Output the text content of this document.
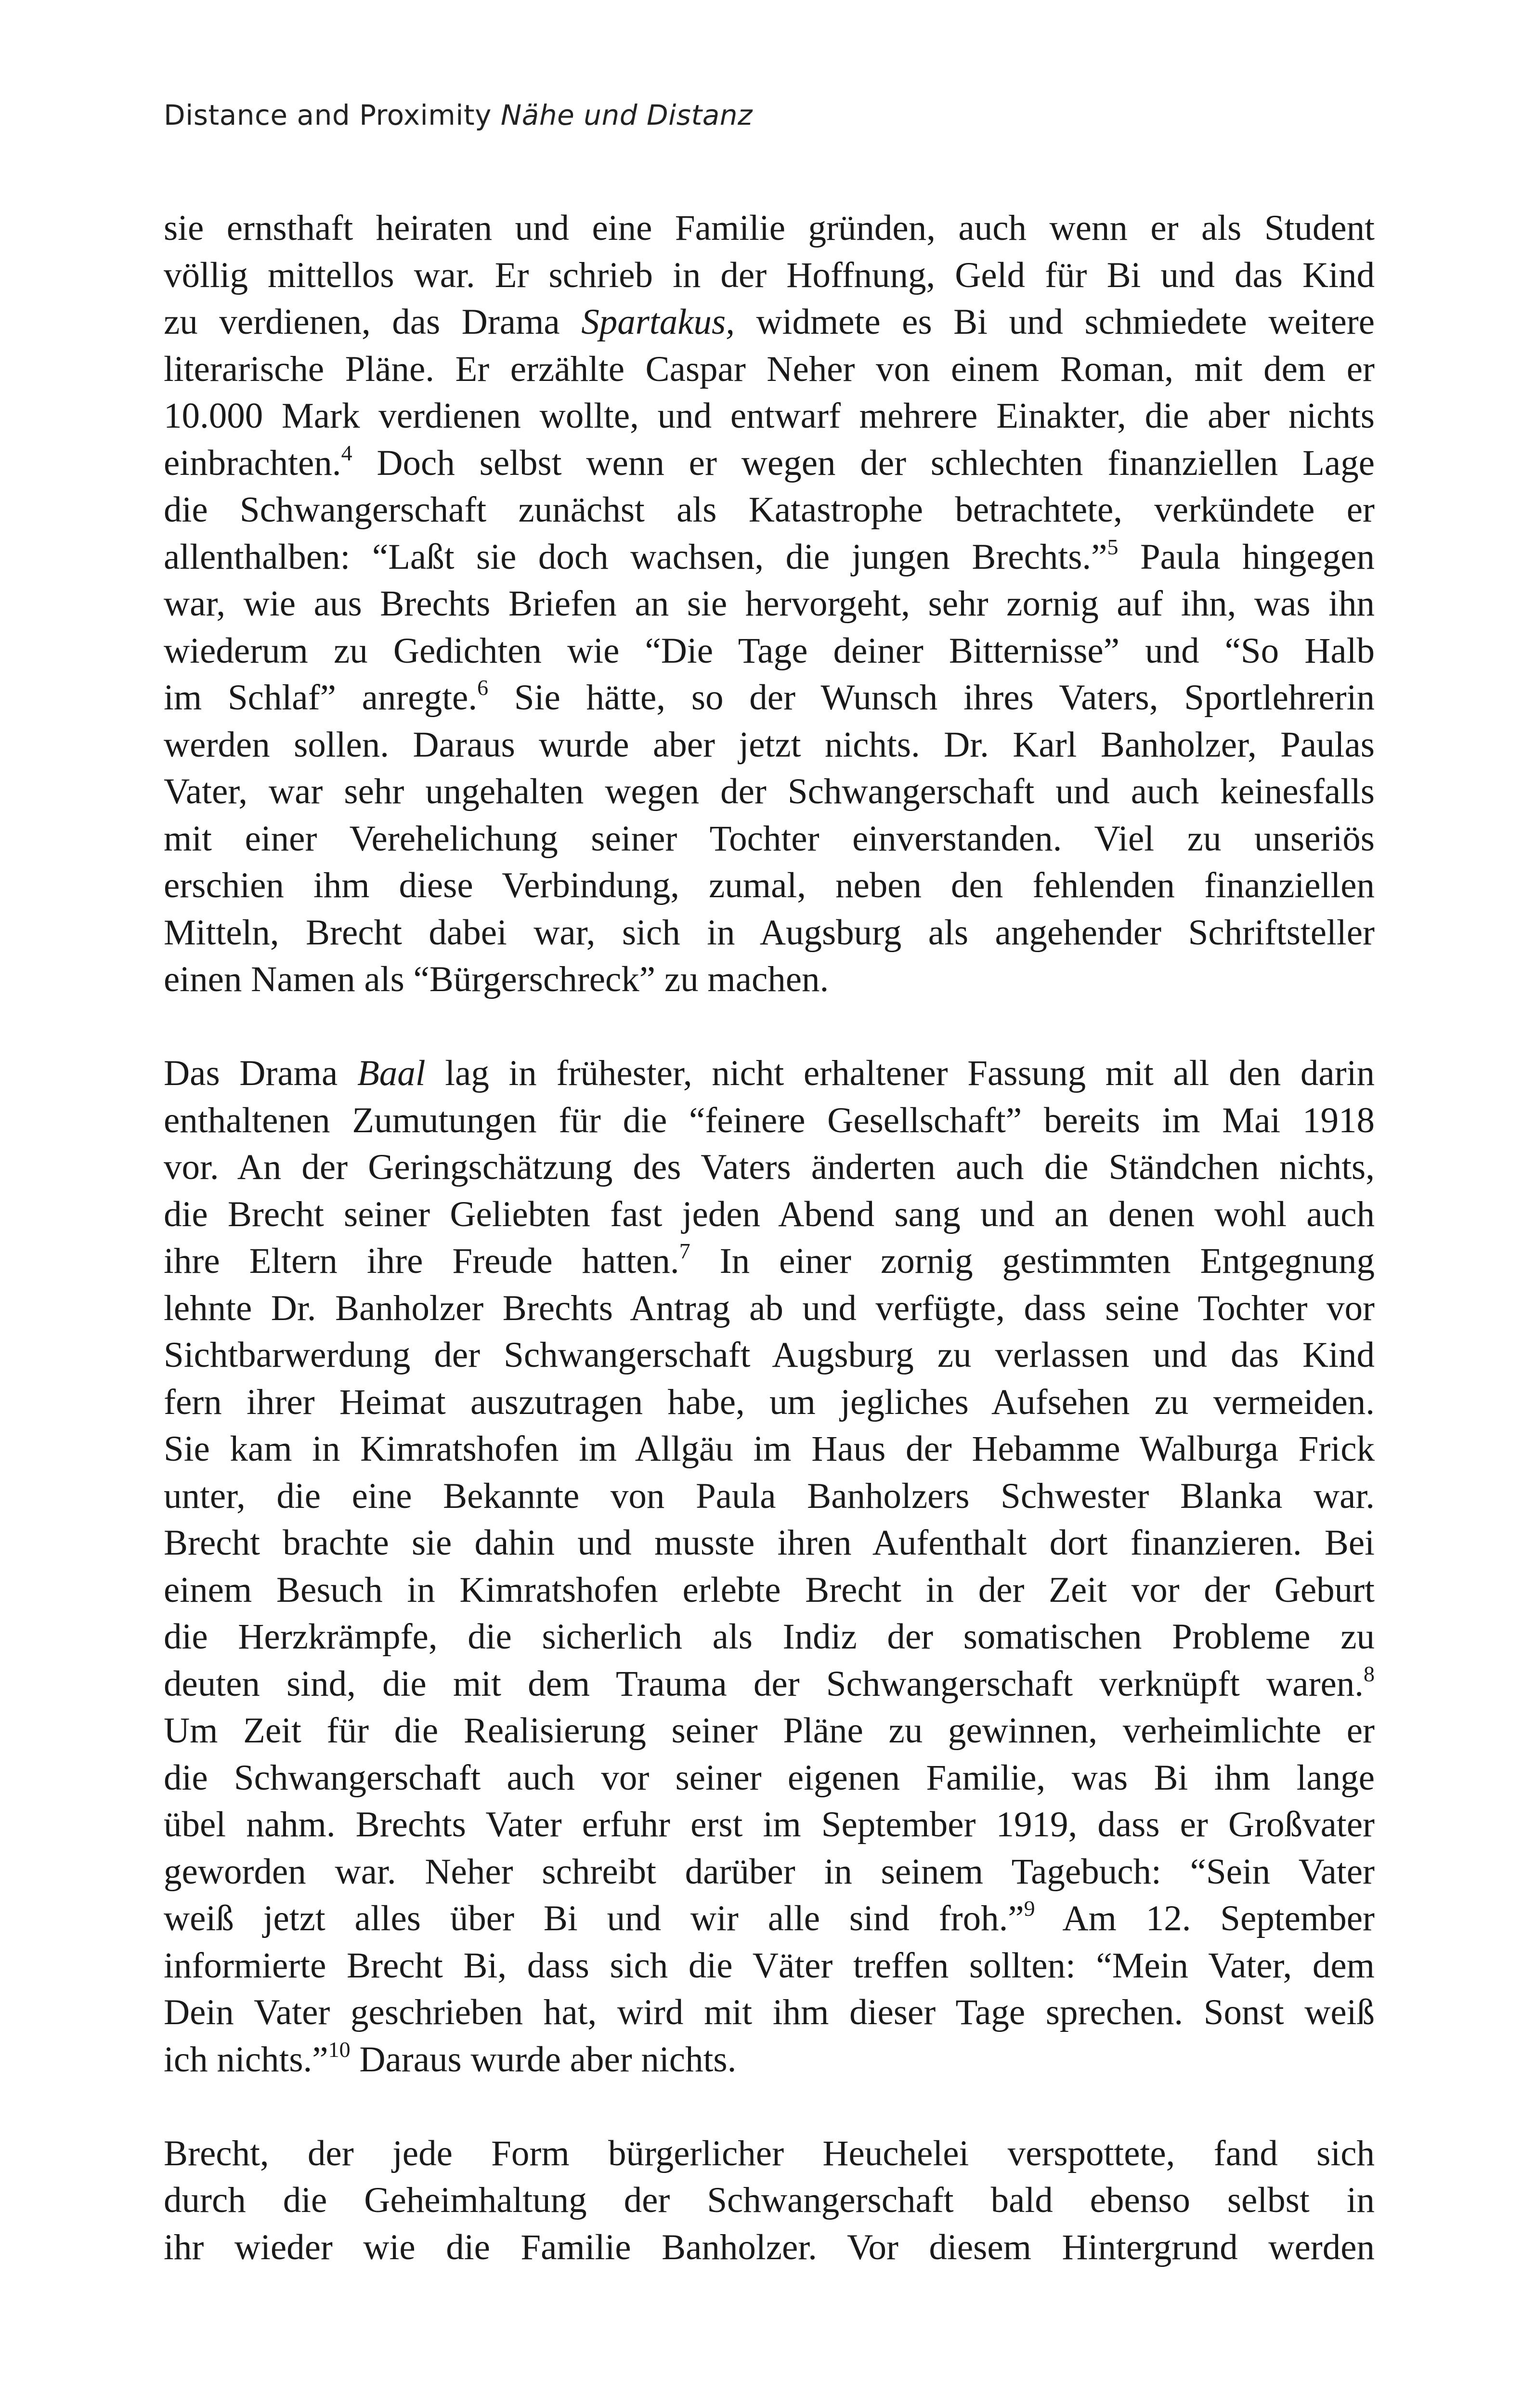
Distance and Proximity Nähe und Distanz
sie ernsthaft heiraten und eine Familie gründen, auch wenn er als Student
völlig mittellos war. Er schrieb in der Hoffnung, Geld für Bi und das Kind
zu verdienen, das Drama Spartakus, widmete es Bi und schmiedete weitere
literarische Pläne. Er erzählte Caspar Neher von einem Roman, mit dem er
10.000 Mark verdienen wollte, und entwarf mehrere Einakter, die aber nichts
einbrachten.$^4$ Doch selbst wenn er wegen der schlechten finanziellen Lage
die Schwangerschaft zunächst als Katastrophe betrachtete, verkündete er
allenthalben: “Laßt sie doch wachsen, die jungen Brechts.”$^5$ Paula hingegen
war, wie aus Brechts Briefen an sie hervorgeht, sehr zornig auf ihn, was ihn
wiederum zu Gedichten wie “Die Tage deiner Bitternisse” und “So Halb
im Schlaf” anregte.$^6$ Sie hätte, so der Wunsch ihres Vaters, Sportlehrerin
werden sollen. Daraus wurde aber jetzt nichts. Dr. Karl Banholzer, Paulas
Vater, war sehr ungehalten wegen der Schwangerschaft und auch keinesfalls
mit einer Verehelichung seiner Tochter einverstanden. Viel zu unseriös
erschien ihm diese Verbindung, zumal, neben den fehlenden finanziellen
Mitteln, Brecht dabei war, sich in Augsburg als angehender Schriftsteller
einen Namen als “Bürgerschreck” zu machen.
Das Drama Baal lag in frühester, nicht erhaltener Fassung mit all den darin
enthaltenen Zumutungen für die “feinere Gesellschaft” bereits im Mai 1918
vor. An der Geringschätzung des Vaters änderten auch die Ständchen nichts,
die Brecht seiner Geliebten fast jeden Abend sang und an denen wohl auch
ihre Eltern ihre Freude hatten.$^7$ In einer zornig gestimmten Entgegnung
lehnte Dr. Banholzer Brechts Antrag ab und verfügte, dass seine Tochter vor
Sichtbarwerdung der Schwangerschaft Augsburg zu verlassen und das Kind
fern ihrer Heimat auszutragen habe, um jegliches Aufsehen zu vermeiden.
Sie kam in Kimratshofen im Allgäu im Haus der Hebamme Walburga Frick
unter, die eine Bekannte von Paula Banholzers Schwester Blanka war.
Brecht brachte sie dahin und musste ihren Aufenthalt dort finanzieren. Bei
einem Besuch in Kimratshofen erlebte Brecht in der Zeit vor der Geburt
die Herzkrämpfe, die sicherlich als Indiz der somatischen Probleme zu
deuten sind, die mit dem Trauma der Schwangerschaft verknüpft waren.$^8$
Um Zeit für die Realisierung seiner Pläne zu gewinnen, verheimlichte er
die Schwangerschaft auch vor seiner eigenen Familie, was Bi ihm lange
übel nahm. Brechts Vater erfuhr erst im September 1919, dass er Großvater
geworden war. Neher schreibt darüber in seinem Tagebuch: “Sein Vater
weiß jetzt alles über Bi und wir alle sind froh.”$^9$ Am 12. September
informierte Brecht Bi, dass sich die Väter treffen sollten: “Mein Vater, dem
Dein Vater geschrieben hat, wird mit ihm dieser Tage sprechen. Sonst weiß
ich nichts.”$^{10}$ Daraus wurde aber nichts.
Brecht, der jede Form bürgerlicher Heuchelei verspottete, fand sich
durch die Geheimhaltung der Schwangerschaft bald ebenso selbst in
ihr wieder wie die Familie Banholzer. Vor diesem Hintergrund werden
